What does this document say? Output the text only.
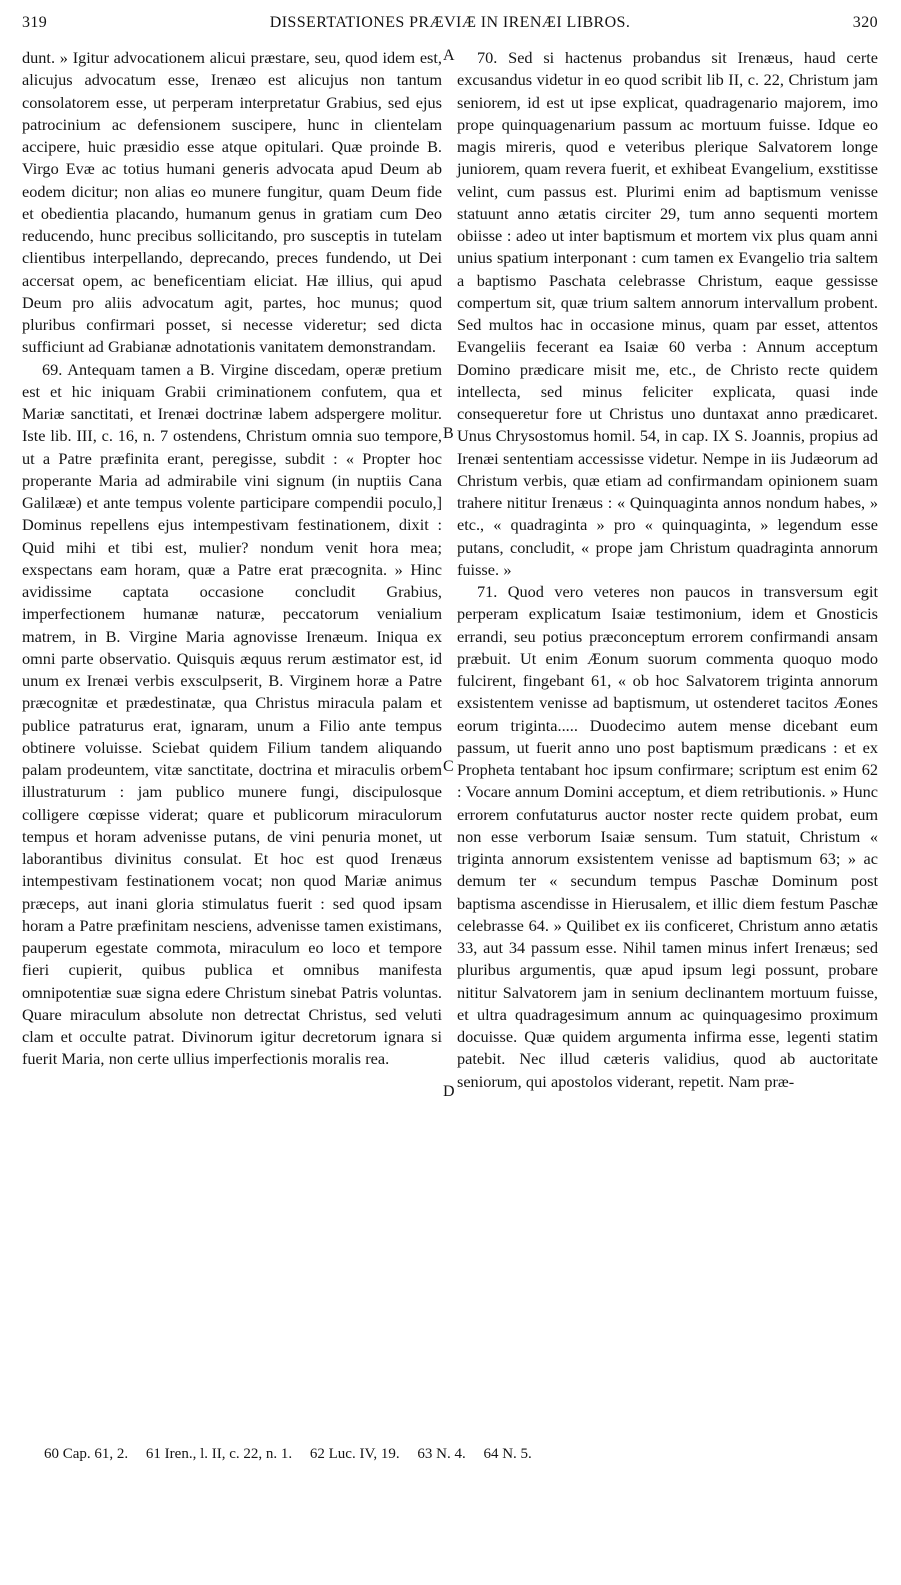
319	DISSERTATIONES PRÆVIÆ IN IRENÆI LIBROS.	320

dunt. » Igitur advocationem alicui præstare, seu, quod idem est, alicujus advocatum esse, Irenæo est alicujus non tantum consolatorem esse, ut perperam interpretatur Grabius, sed ejus patrocinium ac defensionem suscipere, hunc in clientelam accipere, huic præsidio esse atque opitulari. Quæ proinde B. Virgo Evæ ac totius humani generis advocata apud Deum ab eodem dicitur; non alias eo munere fungitur, quam Deum fide et obedientia placando, humanum genus in gratiam cum Deo reducendo, hunc precibus sollicitando, pro susceptis in tutelam clientibus interpellando, deprecando, preces fundendo, ut Dei accersat opem, ac beneficentiam eliciat. Hæ illius, qui apud Deum pro aliis advocatum agit, partes, hoc munus; quod pluribus confirmari posset, si necesse videretur; sed dicta sufficiunt ad Grabianæ adnotationis vanitatem demonstrandam.

69. Antequam tamen a B. Virgine discedam, operæ pretium est et hic iniquam Grabii criminationem confutem, qua et Mariæ sanctitati, et Irenæi doctrinæ labem adspergere molitur. Iste lib. III, c. 16, n. 7 ostendens, Christum omnia suo tempore, ut a Patre præfinita erant, peregisse, subdit : « Propter hoc properante Maria ad admirabile vini signum (in nuptiis Cana Galilææ) et ante tempus volente participare compendii poculo,] Dominus repellens ejus intempestivam festinationem, dixit : Quid mihi et tibi est, mulier? nondum venit hora mea; exspectans eam horam, quæ a Patre erat præcognita. » Hinc avidissime captata occasione concludit Grabius, imperfectionem humanæ naturæ, peccatorum venialium matrem, in B. Virgine Maria agnovisse Irenæum. Iniqua ex omni parte observatio. Quisquis æquus rerum æstimator est, id unum ex Irenæi verbis exsculpserit, B. Virginem horæ a Patre præcognitæ et prædestinatæ, qua Christus miracula palam et publice patraturus erat, ignaram, unum a Filio ante tempus obtinere voluisse. Sciebat quidem Filium tandem aliquando palam prodeuntem, vitæ sanctitate, doctrina et miraculis orbem illustraturum : jam publico munere fungi, discipulosque colligere cœpisse viderat; quare et publicorum miraculorum tempus et horam advenisse putans, de vini penuria monet, ut laborantibus divinitus consulat. Et hoc est quod Irenæus intempestivam festinationem vocat; non quod Mariæ animus præceps, aut inani gloria stimulatus fuerit : sed quod ipsam horam a Patre præfinitam nesciens, advenisse tamen existimans, pauperum egestate commota, miraculum eo loco et tempore fieri cupierit, quibus publica et omnibus manifesta omnipotentiæ suæ signa edere Christum sinebat Patris voluntas. Quare miraculum absolute non detrectat Christus, sed veluti clam et occulte patrat. Divinorum igitur decretorum ignara si fuerit Maria, non certe ullius imperfectionis moralis rea.

A
B
C
D

70. Sed si hactenus probandus sit Irenæus, haud certe excusandus videtur in eo quod scribit lib II, c. 22, Christum jam seniorem, id est ut ipse explicat, quadragenario majorem, imo prope quinquagenarium passum ac mortuum fuisse. Idque eo magis mireris, quod e veteribus plerique Salvatorem longe juniorem, quam revera fuerit, et exhibeat Evangelium, exstitisse velint, cum passus est. Plurimi enim ad baptismum venisse statuunt anno ætatis circiter 29, tum anno sequenti mortem obiisse : adeo ut inter baptismum et mortem vix plus quam anni unius spatium interponant : cum tamen ex Evangelio tria saltem a baptismo Paschata celebrasse Christum, eaque gessisse compertum sit, quæ trium saltem annorum intervallum probent. Sed multos hac in occasione minus, quam par esset, attentos Evangeliis fecerant ea Isaiæ 60 verba : Annum acceptum Domino prædicare misit me, etc., de Christo recte quidem intellecta, sed minus feliciter explicata, quasi inde consequeretur fore ut Christus uno duntaxat anno prædicaret. Unus Chrysostomus homil. 54, in cap. IX S. Joannis, propius ad Irenæi sententiam accessisse videtur. Nempe in iis Judæorum ad Christum verbis, quæ etiam ad confirmandam opinionem suam trahere nititur Irenæus : « Quinquaginta annos nondum habes, » etc., « quadraginta » pro « quinquaginta, » legendum esse putans, concludit, « prope jam Christum quadraginta annorum fuisse. »

71. Quod vero veteres non paucos in transversum egit perperam explicatum Isaiæ testimonium, idem et Gnosticis errandi, seu potius præconceptum errorem confirmandi ansam præbuit. Ut enim Æonum suorum commenta quoquo modo fulcirent, fingebant 61, « ob hoc Salvatorem triginta annorum exsistentem venisse ad baptismum, ut ostenderet tacitos Æones eorum triginta..... Duodecimo autem mense dicebant eum passum, ut fuerit anno uno post baptismum prædicans : et ex Propheta tentabant hoc ipsum confirmare; scriptum est enim 62 : Vocare annum Domini acceptum, et diem retributionis. » Hunc errorem confutaturus auctor noster recte quidem probat, eum non esse verborum Isaiæ sensum. Tum statuit, Christum « triginta annorum exsistentem venisse ad baptismum 63; » ac demum ter « secundum tempus Paschæ Dominum post baptisma ascendisse in Hierusalem, et illic diem festum Paschæ celebrasse 64. » Quilibet ex iis conficeret, Christum anno ætatis 33, aut 34 passum esse. Nihil tamen minus infert Irenæus; sed pluribus argumentis, quæ apud ipsum legi possunt, probare nititur Salvatorem jam in senium declinantem mortuum fuisse, et ultra quadragesimum annum ac quinquagesimo proximum docuisse. Quæ quidem argumenta infirma esse, legenti statim patebit. Nec illud cæteris validius, quod ab auctoritate seniorum, qui apostolos viderant, repetit. Nam præ-

60 Cap. 61, 2. 61 Iren., l. II, c. 22, n. 1. 62 Luc. IV, 19. 63 N. 4. 64 N. 5.
